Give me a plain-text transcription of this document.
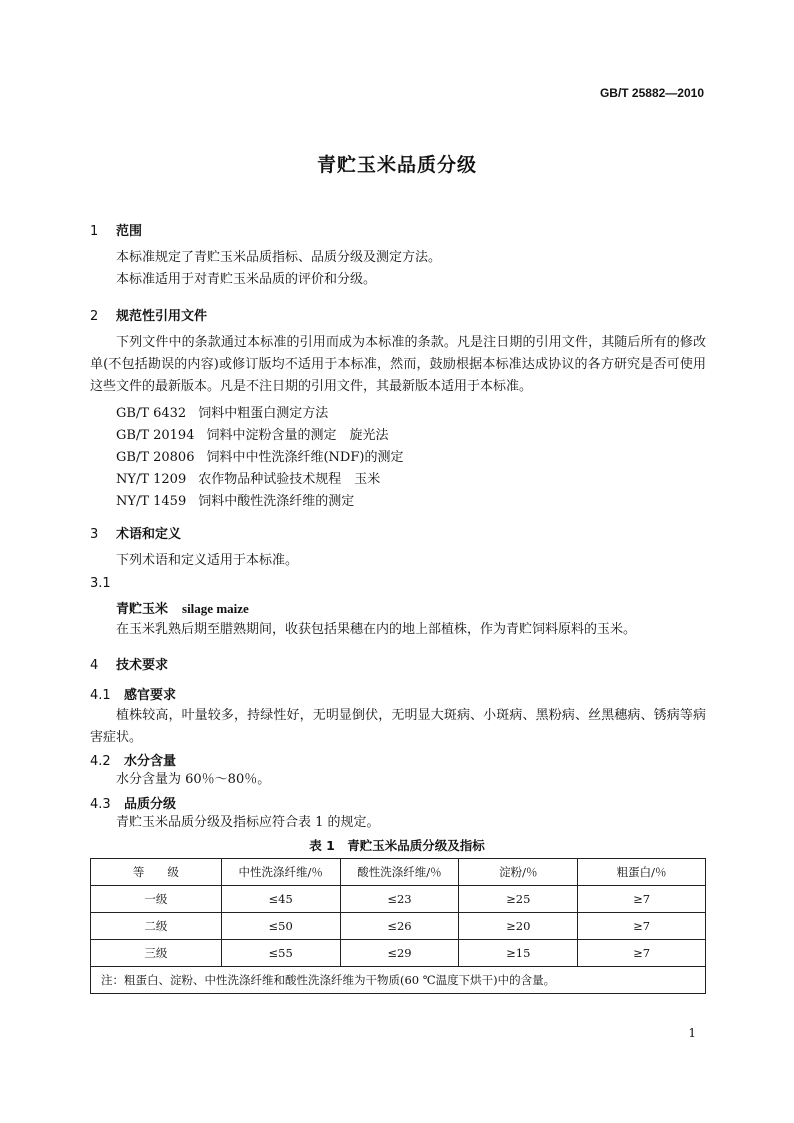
GB/T 25882—2010
青贮玉米品质分级
1 范围
本标准规定了青贮玉米品质指标、品质分级及测定方法。
本标准适用于对青贮玉米品质的评价和分级。
2 规范性引用文件
下列文件中的条款通过本标准的引用而成为本标准的条款。凡是注日期的引用文件，其随后所有的修改单(不包括勘误的内容)或修订版均不适用于本标准，然而，鼓励根据本标准达成协议的各方研究是否可使用这些文件的最新版本。凡是不注日期的引用文件，其最新版本适用于本标准。
GB/T 6432 饲料中粗蛋白测定方法
GB/T 20194 饲料中淀粉含量的测定　旋光法
GB/T 20806 饲料中中性洗涤纤维(NDF)的测定
NY/T 1209 农作物品种试验技术规程　玉米
NY/T 1459 饲料中酸性洗涤纤维的测定
3 术语和定义
下列术语和定义适用于本标准。
3.1
青贮玉米 silage maize
在玉米乳熟后期至腊熟期间，收获包括果穗在内的地上部植株，作为青贮饲料原料的玉米。
4 技术要求
4.1 感官要求
植株较高，叶量较多，持绿性好，无明显倒伏，无明显大斑病、小斑病、黑粉病、丝黑穗病、锈病等病害症状。
4.2 水分含量
水分含量为 60％～80％。
4.3 品质分级
青贮玉米品质分级及指标应符合表 1 的规定。
表 1　青贮玉米品质分级及指标
等　　级	中性洗涤纤维/％	酸性洗涤纤维/％	淀粉/％	粗蛋白/％
一级	≤45	≤23	≥25	≥7
二级	≤50	≤26	≥20	≥7
三级	≤55	≤29	≥15	≥7
注：粗蛋白、淀粉、中性洗涤纤维和酸性洗涤纤维为干物质(60 ℃温度下烘干)中的含量。				
1
